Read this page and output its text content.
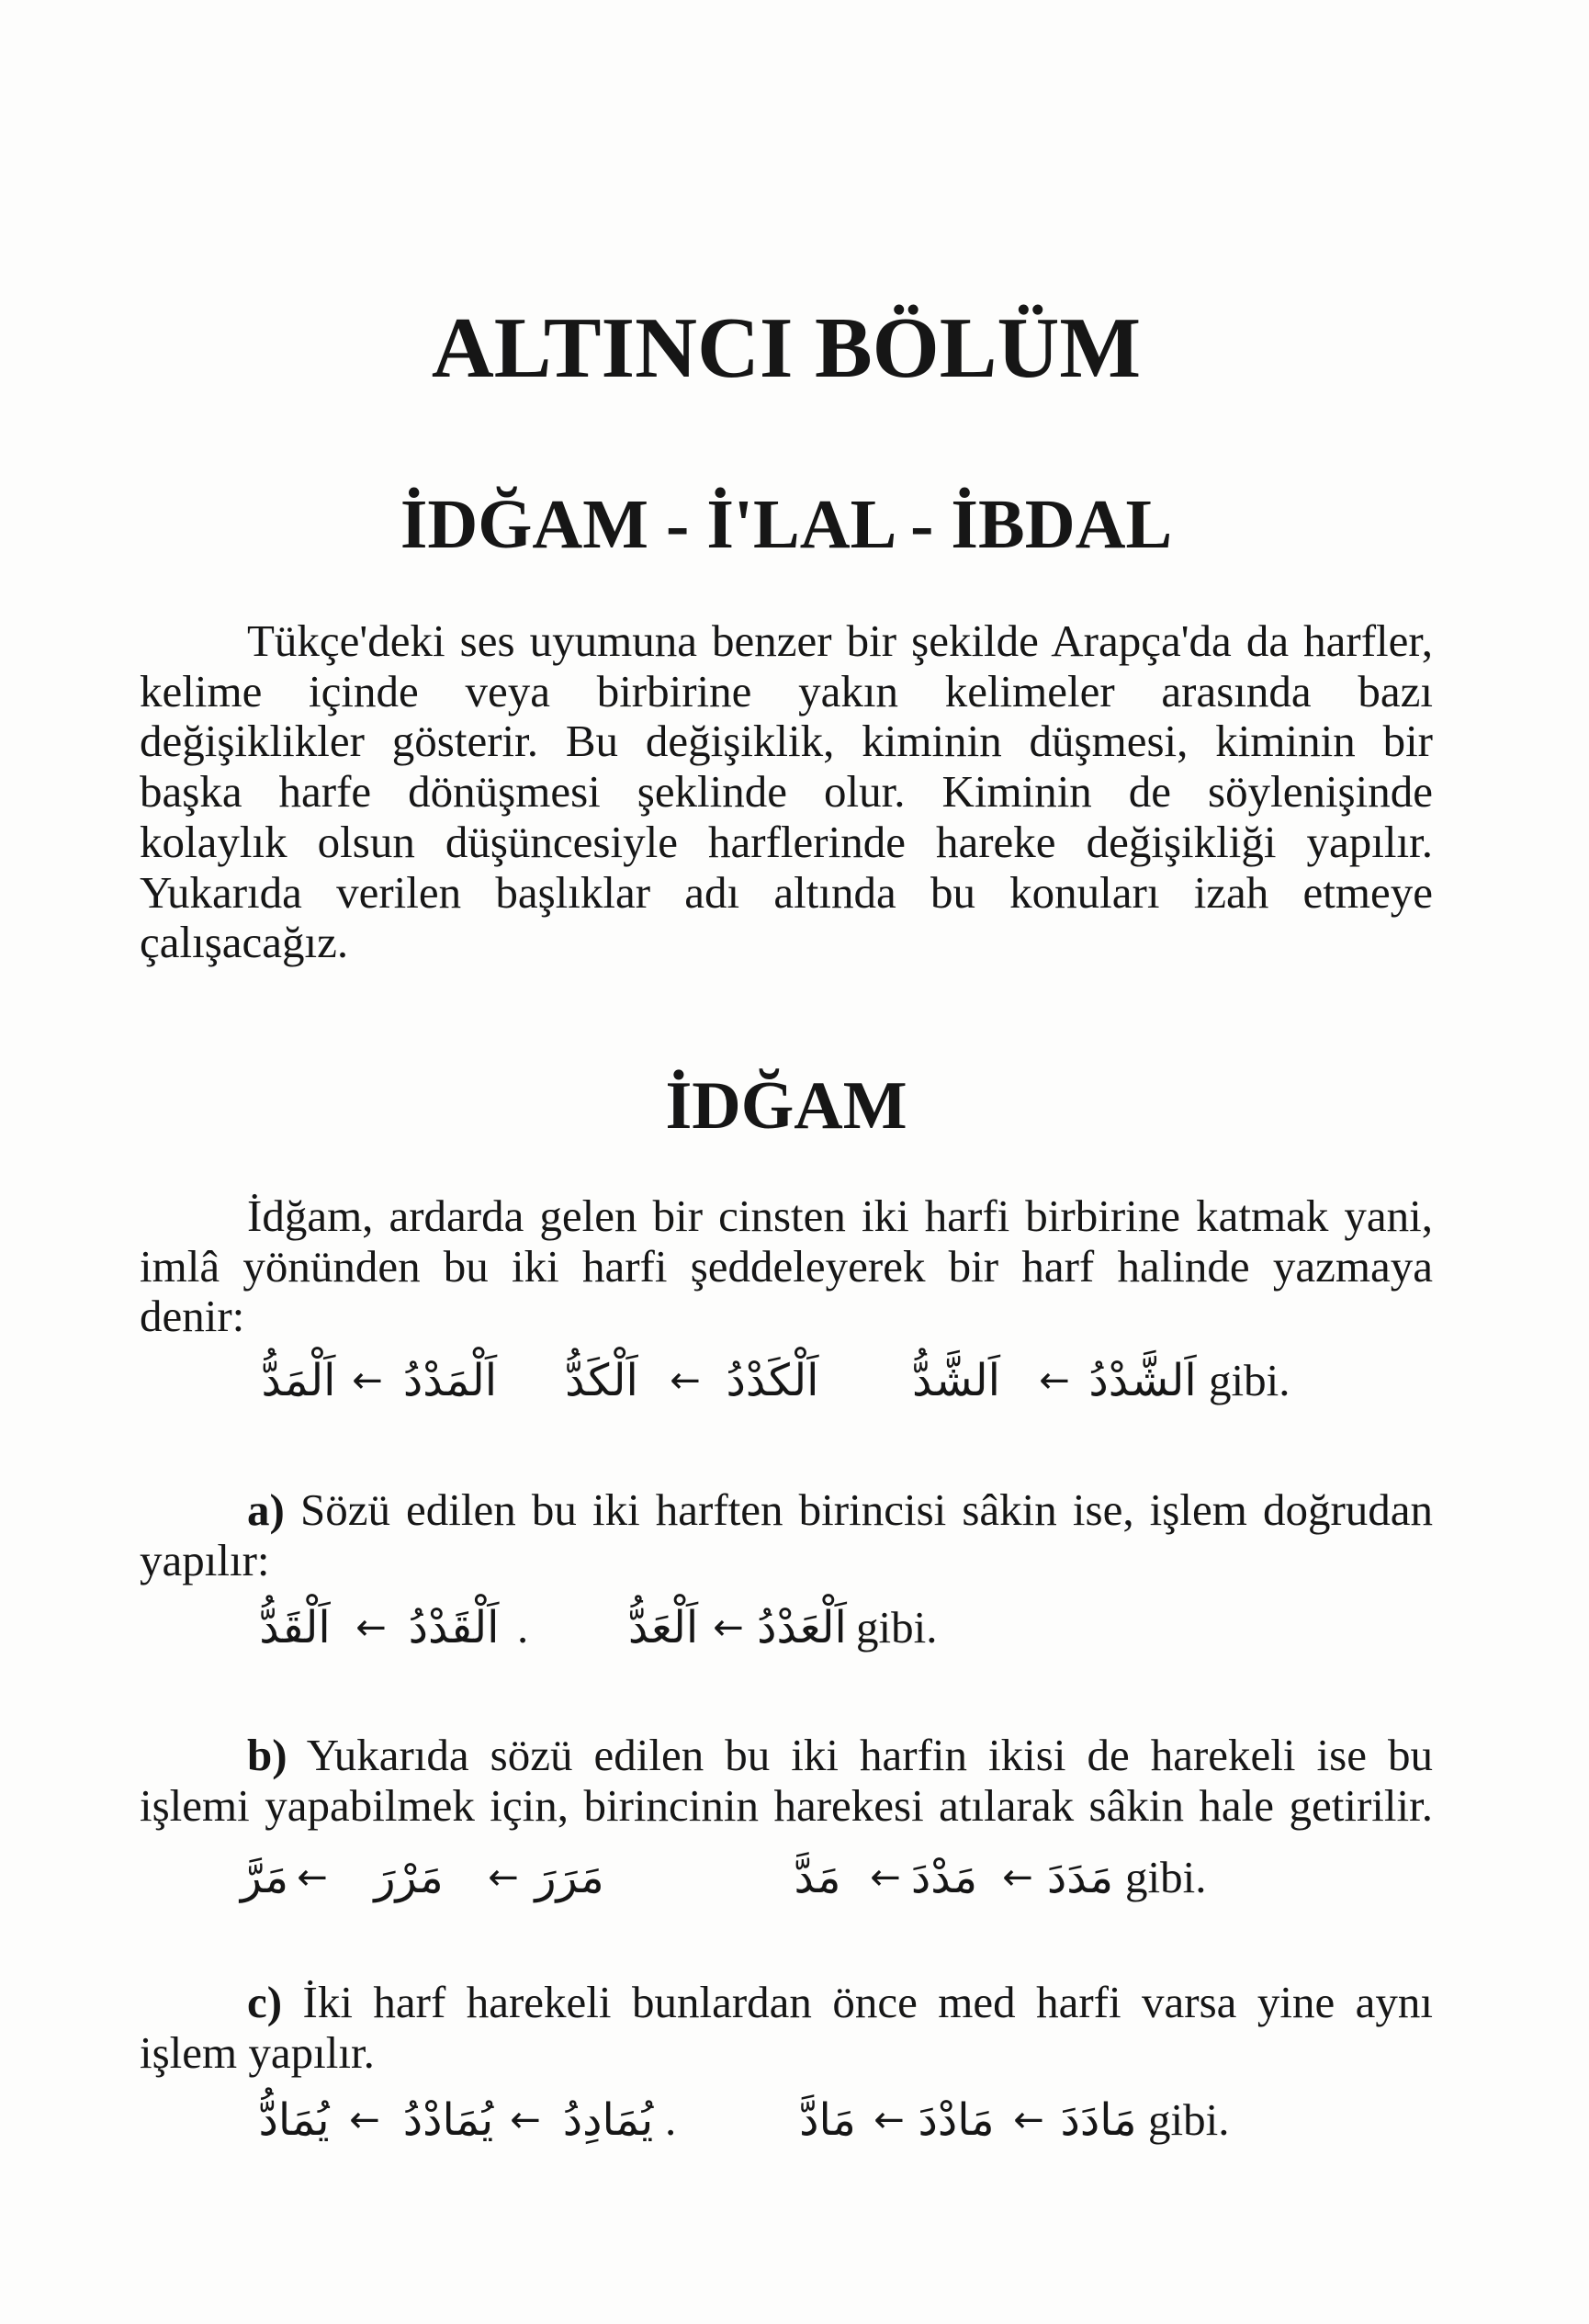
ALTINCI BÖLÜM
İDĞAM - İ'LAL - İBDAL
Tükçe'deki ses uyumuna benzer bir şekilde Arapça'da da harfler,
kelime içinde veya birbirine yakın kelimeler arasında bazı
değişiklikler gösterir. Bu değişiklik, kiminin düşmesi, kiminin bir
başka harfe dönüşmesi şeklinde olur. Kiminin de söylenişinde
kolaylık olsun düşüncesiyle harflerinde hareke değişikliği yapılır.
Yukarıda verilen başlıklar adı altında bu konuları izah etmeye
çalışacağız.
İDĞAM
İdğam, ardarda gelen bir cinsten iki harfi birbirine katmak yani,
imlâ yönünden bu iki harfi şeddeleyerek bir harf halinde yazmaya
denir:
اَلْمَدُّ ← اَلْمَدْدُ	اَلْكَدُّ ← اَلْكَدْدُ	اَلشَّدُّ	← اَلشَّدْدُ gibi.
a) Sözü edilen bu iki harften birincisi sâkin ise, işlem doğrudan
yapılır:
اَلْقَدُّ ← اَلْقَدْدُ .	اَلْعَدُّ ← اَلْعَدْدُ gibi.
b) Yukarıda sözü edilen bu iki harfin ikisi de harekeli ise bu
işlemi yapabilmek için, birincinin harekesi atılarak sâkin hale getirilir.
مَرَّ ← مَرْرَ ← مَرَرَ	مَدَّ ← مَدْدَ ← مَدَدَ gibi.
c) İki harf harekeli bunlardan önce med harfi varsa yine aynı
işlem yapılır.
يُمَادُّ ← يُمَادْدُ ← يُمَادِدُ .	مَادَّ ← مَادْدَ ← مَادَدَ gibi.
